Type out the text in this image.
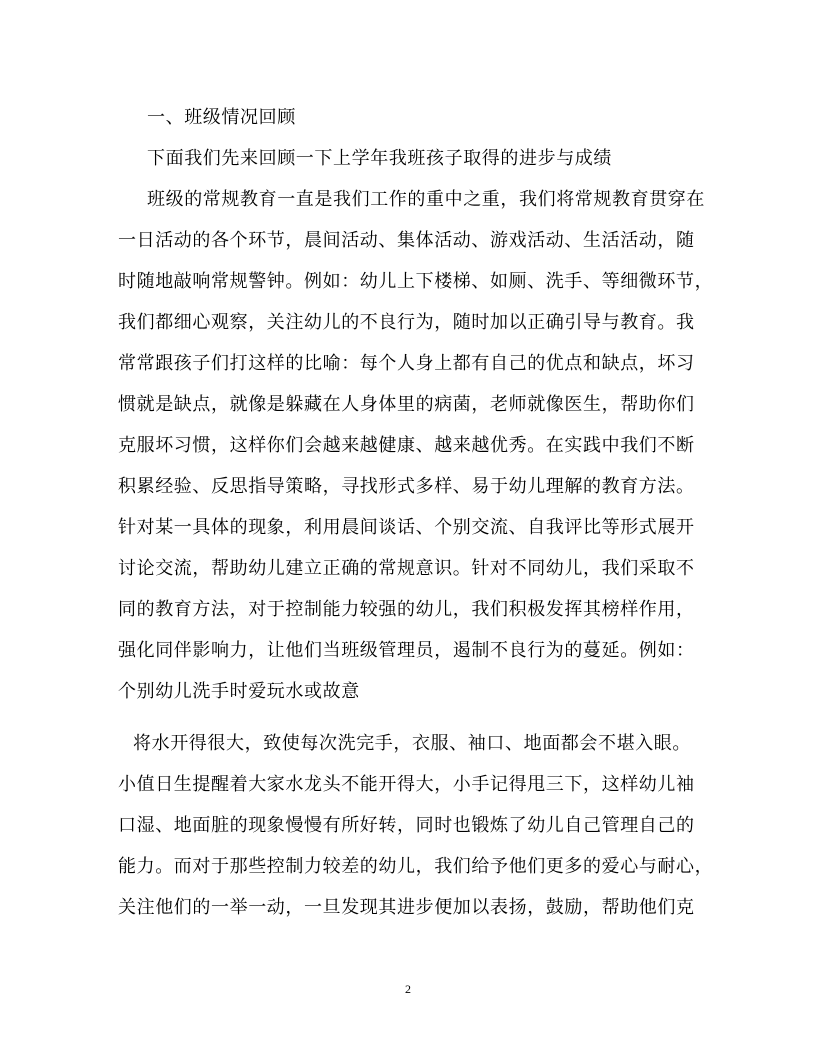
一、班级情况回顾
下面我们先来回顾一下上学年我班孩子取得的进步与成绩
班级的常规教育一直是我们工作的重中之重，我们将常规教育贯穿在
一日活动的各个环节，晨间活动、集体活动、游戏活动、生活活动，随
时随地敲响常规警钟。例如：幼儿上下楼梯、如厕、洗手、等细微环节，
我们都细心观察，关注幼儿的不良行为，随时加以正确引导与教育。我
常常跟孩子们打这样的比喻：每个人身上都有自己的优点和缺点，坏习
惯就是缺点，就像是躲藏在人身体里的病菌，老师就像医生，帮助你们
克服坏习惯，这样你们会越来越健康、越来越优秀。在实践中我们不断
积累经验、反思指导策略，寻找形式多样、易于幼儿理解的教育方法。
针对某一具体的现象，利用晨间谈话、个别交流、自我评比等形式展开
讨论交流，帮助幼儿建立正确的常规意识。针对不同幼儿，我们采取不
同的教育方法，对于控制能力较强的幼儿，我们积极发挥其榜样作用，
强化同伴影响力，让他们当班级管理员，遏制不良行为的蔓延。例如：
个别幼儿洗手时爱玩水或故意
将水开得很大，致使每次洗完手，衣服、袖口、地面都会不堪入眼。
小值日生提醒着大家水龙头不能开得大，小手记得甩三下，这样幼儿袖
口湿、地面脏的现象慢慢有所好转，同时也锻炼了幼儿自己管理自己的
能力。而对于那些控制力较差的幼儿，我们给予他们更多的爱心与耐心，
关注他们的一举一动，一旦发现其进步便加以表扬，鼓励，帮助他们克
2
